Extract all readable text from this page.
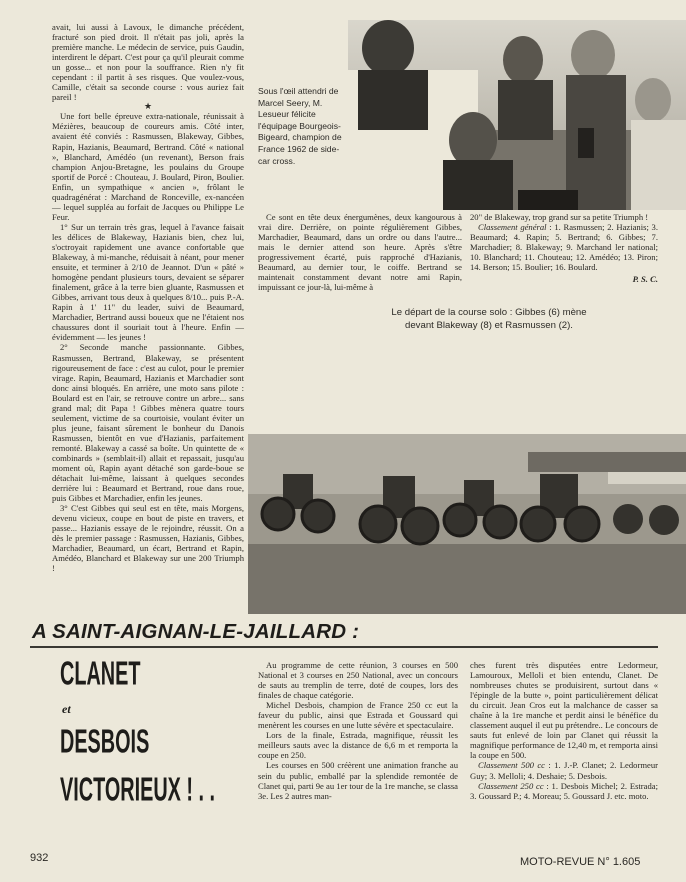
avait, lui aussi à Lavoux, le dimanche précédent, fracturé son pied droit. Il n'était pas joli, après la première manche. Le médecin de service, puis Gaudin, interdirent le départ. C'est pour ça qu'il pleurait comme un gosse... et non pour la souffrance. Rien n'y fit cependant : il partit à ses risques. Que voulez-vous, Camille, c'était sa seconde course : vous auriez fait pareil !

★

Une fort belle épreuve extra-nationale, réunissait à Mézières, beaucoup de coureurs amis. Côté inter, avaient été conviés : Rasmussen, Blakeway, Gibbes, Rapin, Hazianis, Beaumard, Bertrand. Côté « national », Blanchard, Amédéo (un revenant), Berson frais champion Anjou-Bretagne, les poulains du Groupe sportif de Porcé : Chouteau, J. Boulard, Piron, Boulier. Enfin, un sympathique « ancien », frôlant le quadragénérat : Marchand de Ronceville, ex-nancéen — lequel suppléa au forfait de Jacques ou Philippe Le Feur.

1° Sur un terrain très gras, lequel à l'avance faisait les délices de Blakeway, Hazianis bien, chez lui, s'octroyait rapidement une avance confortable que Blakeway, à mi-manche, réduisait à néant, pour mener ensuite, et terminer à 2/10 de Jeannot. D'un « pâté » homogène pendant plusieurs tours, devaient se séparer finalement, grâce à la terre bien gluante, Rasmussen et Gibbes, arrivant tous deux à quelques 8/10... puis P.-A. Rapin à 1' 11" du leader, suivi de Beaumard, Marchadier, Bertrand aussi boueux que ne l'étaient nos chaussures dont il souriait tout à l'heure. Enfin — évidemment — les jeunes !

2° Seconde manche passionnante. Gibbes, Rasmussen, Bertrand, Blakeway, se présentent rigoureusement de face : c'est au culot, pour le premier virage. Rapin, Beaumard, Hazianis et Marchadier sont donc ainsi bloqués. En arrière, une moto sans pilote : Boulard est en l'air, se retrouve contre un arbre... sans grand mal; dit Papa ! Gibbes mènera quatre tours seulement, victime de sa courtoisie, voulant éviter un plus jeune, faisant sûrement le bonheur du Danois Rasmussen, bientôt en vue d'Hazianis, parfaitement remonté. Blakeway a cassé sa boîte. Un quintette de « combinards » (semblait-il) allait et repassait, jusqu'au moment où, Rapin ayant détaché son garde-boue se détachait lui-même, laissant à quelques secondes derrière lui : Beaumard et Bertrand, roue dans roue, puis Gibbes et Marchadier, enfin les jeunes.

3° C'est Gibbes qui seul est en tête, mais Morgens, devenu vicieux, coupe en bout de piste en travers, et passe... Hazianis essaye de le rejoindre, réussit. On a dès le premier passage : Rasmussen, Hazianis, Gibbes, Marchadier, Beaumard, un écart, Bertrand et Rapin, Amédéo, Blanchard et Blakeway sur une 200 Triumph !

Sous l'œil attendri de Marcel Seery, M. Lesueur félicite l'équipage Bourgeois-Bigeard, champion de France 1962 de side-car cross.

Ce sont en tête deux énergumènes, deux kangourous à vrai dire. Derrière, on pointe régulièrement Gibbes, Marchadier, Beaumard, dans un ordre ou dans l'autre... mais le dernier attend son heure. Après s'être progressivement écarté, puis rapproché d'Hazianis, Beaumard, au dernier tour, le coiffe. Bertrand se maintenait constamment devant notre ami Rapin, impuissant ce jour-là, lui-même à

20" de Blakeway, trop grand sur sa petite Triumph !

Classement général : 1. Rasmussen; 2. Hazianis; 3. Beaumard; 4. Rapin; 5. Bertrand; 6. Gibbes; 7. Marchadier; 8. Blakeway; 9. Marchand ler national; 10. Blanchard; 11. Chouteau; 12. Amédéo; 13. Piron; 14. Berson; 15. Boulier; 16. Boulard.

P. S. C.
Le départ de la course solo : Gibbes (6) mène devant Blakeway (8) et Rasmussen (2).
A SAINT-AIGNAN-LE-JAILLARD :
CLANET
et
DESBOIS
VICTORIEUX ! . .

Au programme de cette réunion, 3 courses en 500 National et 3 courses en 250 National, avec un concours de sauts au tremplin de terre, doté de coupes, lors des finales de chaque catégorie.

Michel Desbois, champion de France 250 cc eut la faveur du public, ainsi que Estrada et Goussard qui menèrent les courses en une lutte sévère et spectaculaire.

Lors de la finale, Estrada, magnifique, réussit les meilleurs sauts avec la distance de 6,6 m et remporta la coupe en 250.

Les courses en 500 créèrent une animation franche au sein du public, emballé par la splendide remontée de Clanet qui, parti 9e au 1er tour de la 1re manche, se classa 3e. Les 2 autres man-

ches furent très disputées entre Ledormeur, Lamouroux, Melloli et bien entendu, Clanet. De nombreuses chutes se produisirent, surtout dans « l'épingle de la butte », point particulièrement délicat du circuit. Jean Cros eut la malchance de casser sa chaîne à la 1re manche et perdit ainsi le bénéfice du classement auquel il eut pu prétendre.. Le concours de sauts fut enlevé de loin par Clanet qui réussit la magnifique performance de 12,40 m, et remporta ainsi la coupe en 500.

Classement 500 cc : 1. J.-P. Clanet; 2. Ledormeur Guy; 3. Melloli; 4. Deshaie; 5. Desbois.

Classement 250 cc : 1. Desbois Michel; 2. Estrada; 3. Goussard P.; 4. Moreau; 5. Goussard J. etc. moto.

932	MOTO-REVUE N° 1.605
